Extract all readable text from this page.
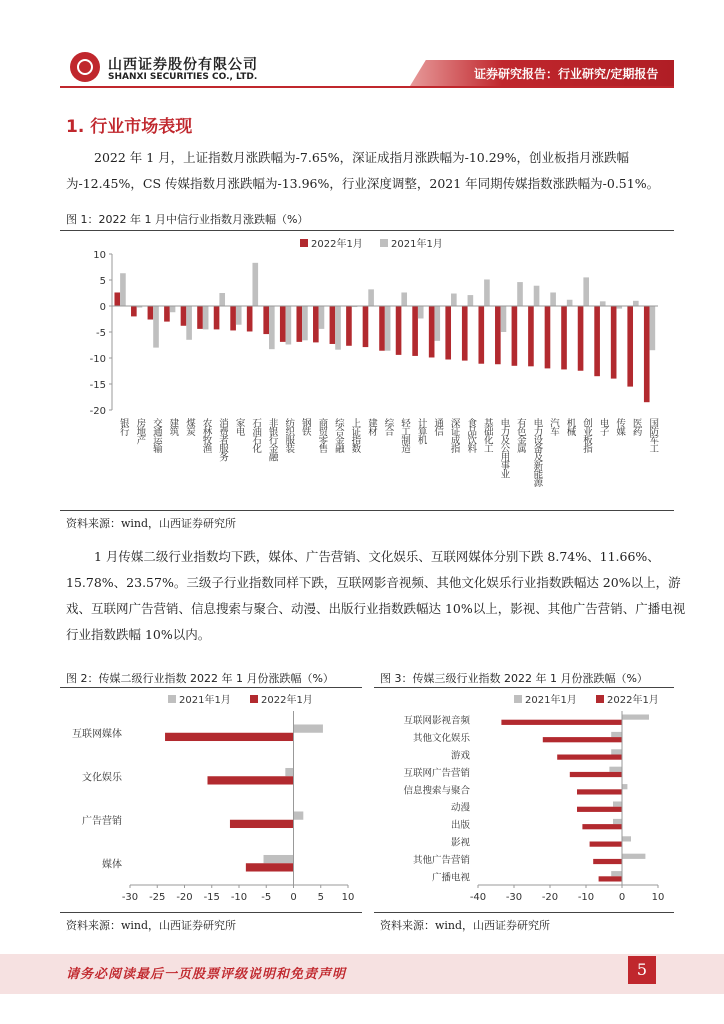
山西证券股份有限公司
SHANXI SECURITIES CO., LTD.	证券研究报告：行业研究/定期报告
1. 行业市场表现
2022 年 1 月，上证指数月涨跌幅为-7.65%，深证成指月涨跌幅为-10.29%，创业板指月涨跌幅为-12.45%，CS 传媒指数月涨跌幅为-13.96%，行业深度调整，2021 年同期传媒指数涨跌幅为-0.51%。
图 1：2022 年 1 月中信行业指数月涨跌幅（%）
2022年1月	2021年1月
10
5
0
-5
-10
-15
-20
银行 房地产 交通运输 建筑 煤炭 农林牧渔 消费者服务 家电 石油石化 非银行金融 纺织服装 钢铁 商贸零售 综合金融 上证指数 建材 综合 轻工制造 计算机 通信 深证成指 食品饮料 基础化工 电力及公用事业 有色金属 电力设备及新能源 汽车 机械 创业板指 电子 传媒 医药 国防军工
资料来源：wind，山西证券研究所
1 月传媒二级行业指数均下跌，媒体、广告营销、文化娱乐、互联网媒体分别下跌 8.74%、11.66%、15.78%、23.57%。三级子行业指数同样下跌，互联网影音视频、其他文化娱乐行业指数跌幅达 20%以上，游戏、互联网广告营销、信息搜索与聚合、动漫、出版行业指数跌幅达 10%以上，影视、其他广告营销、广播电视行业指数跌幅 10%以内。
图 2：传媒二级行业指数 2022 年 1 月份涨跌幅（%）
2021年1月	2022年1月
-30 -25 -20 -15 -10 -5 0 5 10
互联网媒体
文化娱乐
广告营销
媒体
资料来源：wind，山西证券研究所
图 3：传媒三级行业指数 2022 年 1 月份涨跌幅（%）
2021年1月	2022年1月
-40 -30 -20 -10 0	10
互联网影视音频
其他文化娱乐
游戏
互联网广告营销
信息搜索与聚合
动漫
出版
影视
其他广告营销
广播电视
资料来源：wind，山西证券研究所
请务必阅读最后一页股票评级说明和免责声明	5
